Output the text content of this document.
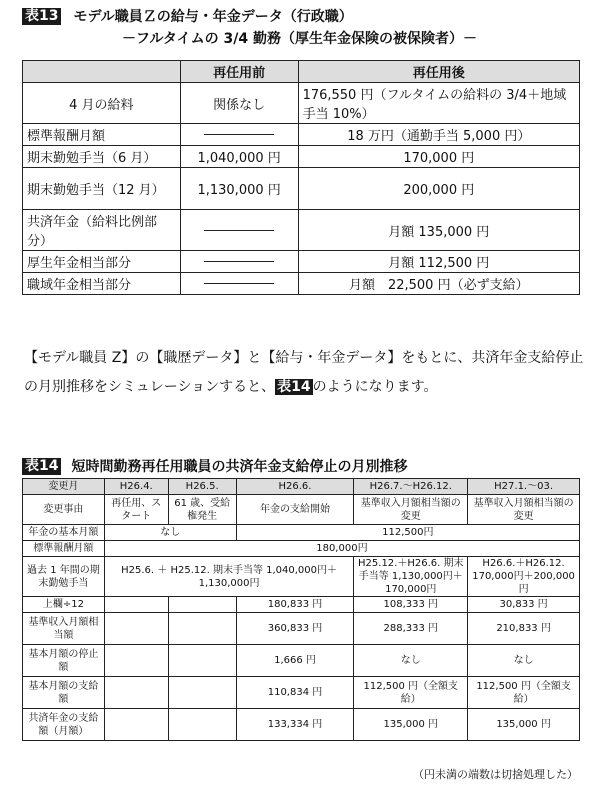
表13 モデル職員Ｚの給与・年金データ（行政職）
－フルタイムの 3/4 勤務（厚生年金保険の被保険者）－
	再任用前	再任用後
4 月の給料	関係なし	176,550 円（フルタイムの給料の 3/4＋地域手当 10%）
標準報酬月額		18 万円（通勤手当 5,000 円）
期末勤勉手当（6 月）	1,040,000 円	170,000 円
期末勤勉手当（12 月）	1,130,000 円	200,000 円
共済年金（給料比例部分）		月額 135,000 円
厚生年金相当部分		月額 112,500 円
職域年金相当部分		月額　22,500 円（必ず支給）
【モデル職員 Z】の【職歴データ】と【給与・年金データ】をもとに、共済年金支給停止の月別推移をシミュレーションすると、 表14 のようになります。
表14 短時間勤務再任用職員の共済年金支給停止の月別推移
変更月	H26.4.	H26.5.	H26.6.	H26.7.～H26.12.	H27.1.～03.
変更事由	再任用、スタート	61 歳、受給権発生	年金の支給開始	基準収入月額相当額の変更	基準収入月額相当額の変更
年金の基本月額	なし		112,500円		
標準報酬月額	180,000円				
過去 1 年間の期末勤勉手当	H25.6. ＋ H25.12. 期末手当等 1,040,000円＋1,130,000円			H25.12.＋H26.6. 期末手当等 1,130,000円＋170,000円	H26.6.＋H26.12. 170,000円＋200,000円
上欄÷12			180,833 円	108,333 円	30,833 円
基準収入月額相当額			360,833 円	288,333 円	210,833 円
基本月額の停止額			1,666 円	なし	なし
基本月額の支給額			110,834 円	112,500 円（全額支給）	112,500 円（全額支給）
共済年金の支給額（月額）			133,334 円	135,000 円	135,000 円
（円未満の端数は切捨処理した）
